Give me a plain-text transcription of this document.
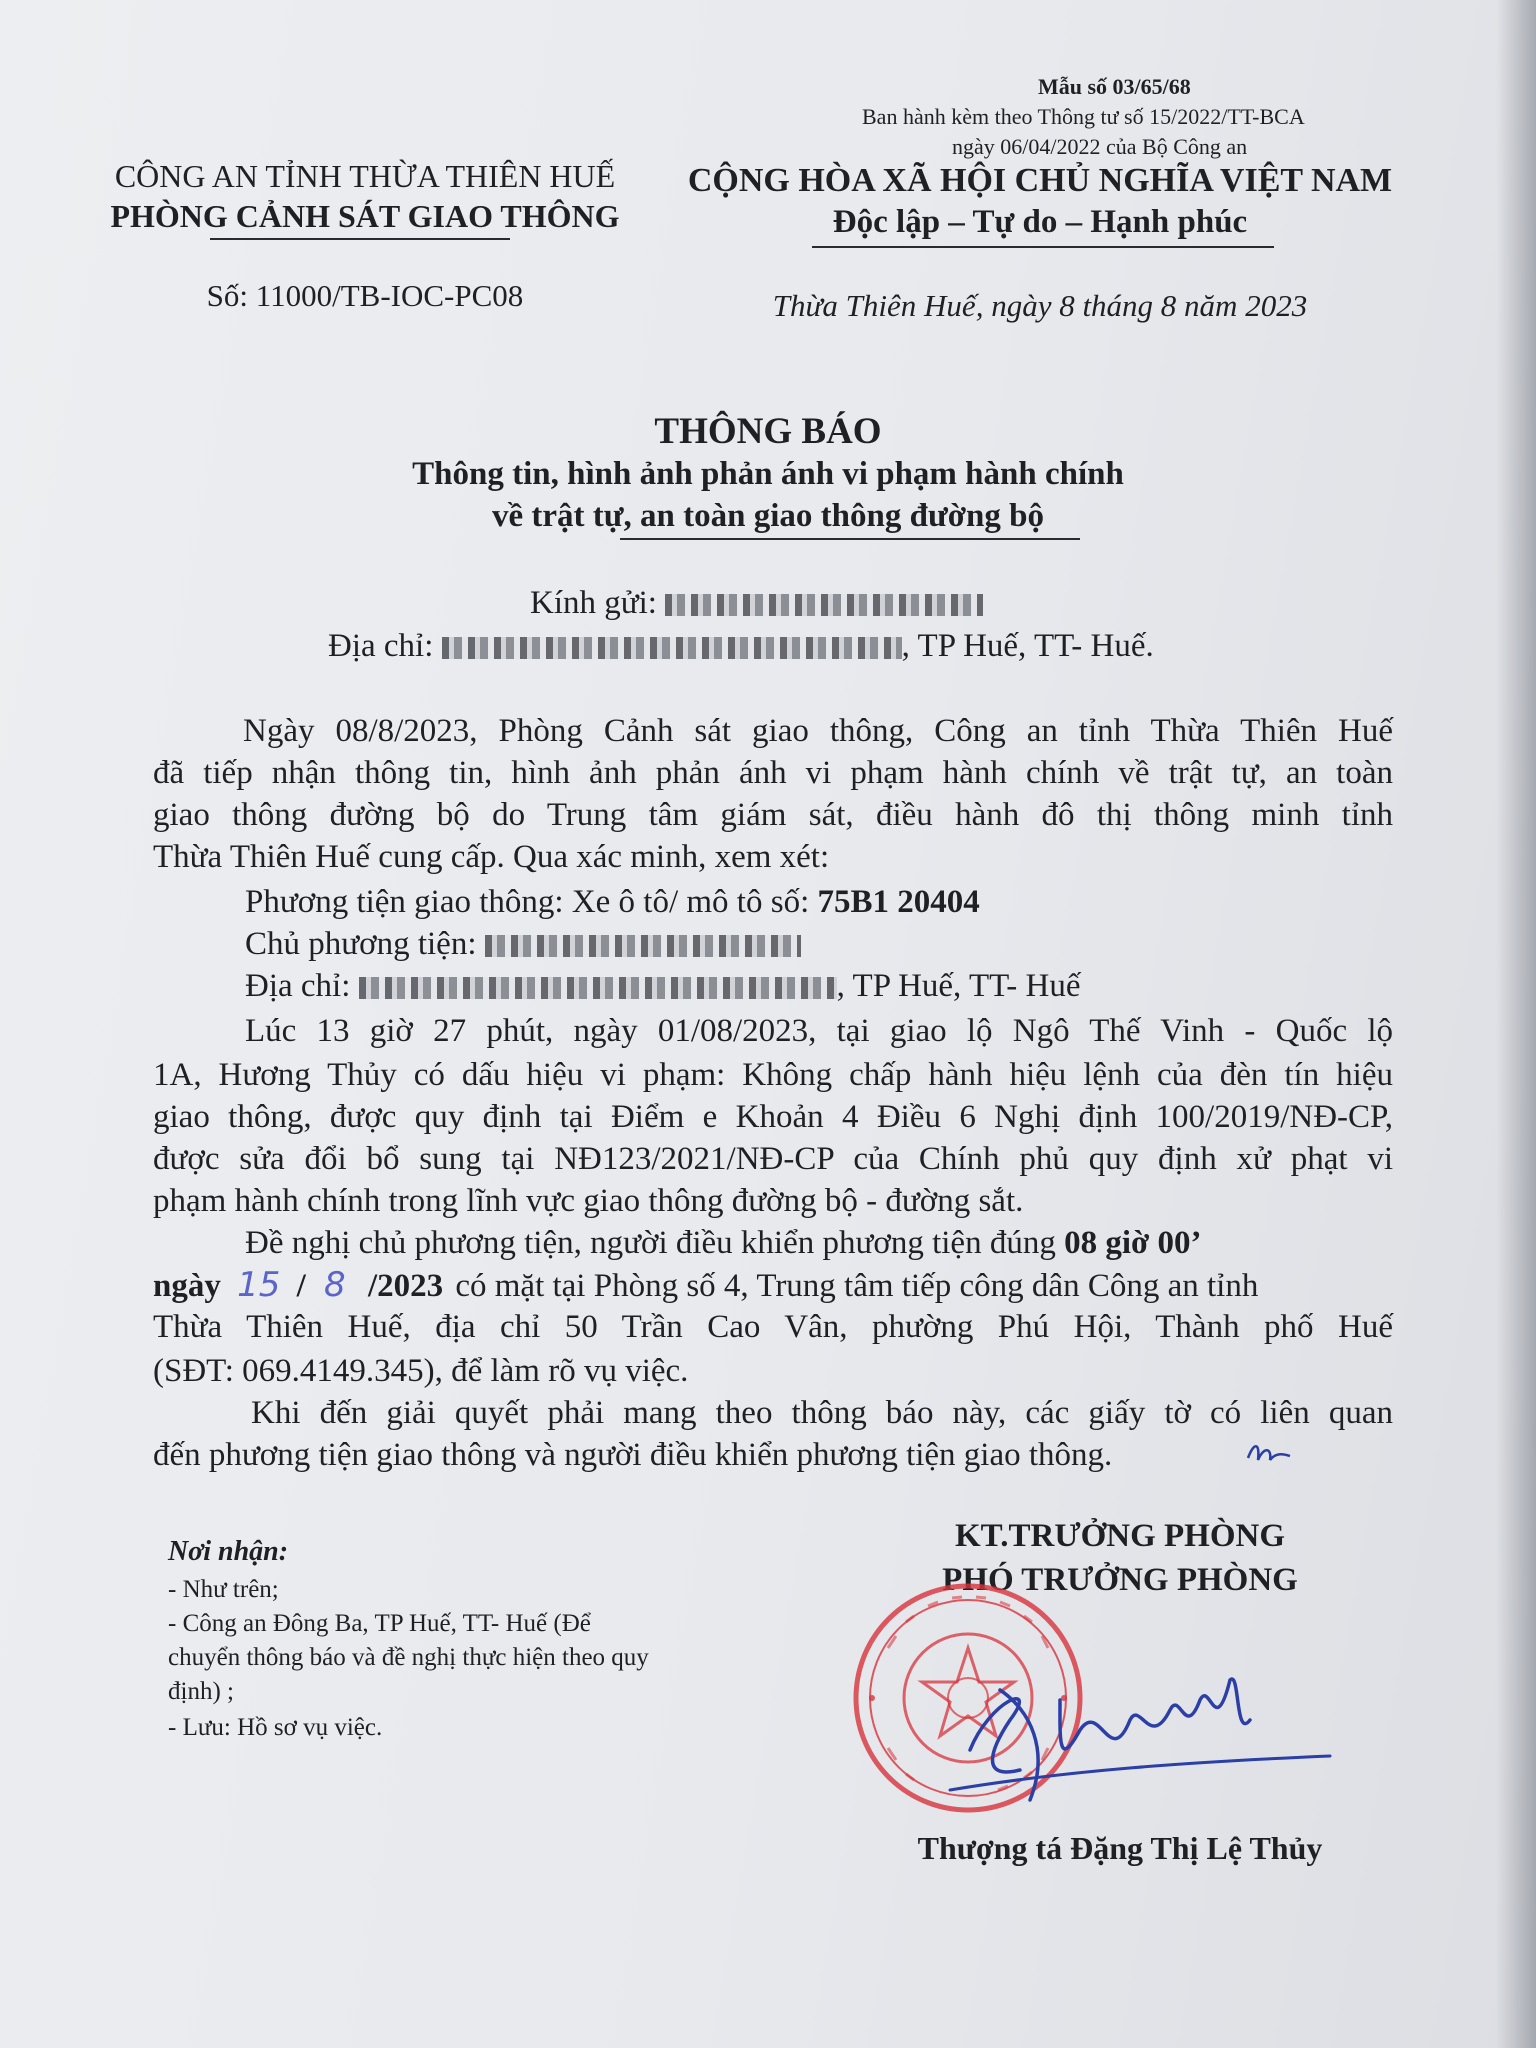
Mẫu số 03/65/68
Ban hành kèm theo Thông tư số 15/2022/TT-BCA
ngày 06/04/2022 của Bộ Công an
CÔNG AN TỈNH THỪA THIÊN HUẾ
PHÒNG CẢNH SÁT GIAO THÔNG
Số: 11000/TB-IOC-PC08
CỘNG HÒA XÃ HỘI CHỦ NGHĨA VIỆT NAM
Độc lập – Tự do – Hạnh phúc
Thừa Thiên Huế, ngày 8 tháng 8 năm 2023
THÔNG BÁO
Thông tin, hình ảnh phản ánh vi phạm hành chính
về trật tự, an toàn giao thông đường bộ
Kính gửi:
Địa chỉ:	, TP Huế, TT- Huế.
Ngày 08/8/2023, Phòng Cảnh sát giao thông, Công an tỉnh Thừa Thiên Huế
đã tiếp nhận thông tin, hình ảnh phản ánh vi phạm hành chính về trật tự, an toàn
giao thông đường bộ do Trung tâm giám sát, điều hành đô thị thông minh tỉnh
Thừa Thiên Huế cung cấp. Qua xác minh, xem xét:
Phương tiện giao thông: Xe ô tô/ mô tô số: 75B1 20404
Chủ phương tiện:
Địa chỉ:	, TP Huế, TT- Huế
Lúc 13 giờ 27 phút, ngày 01/08/2023, tại giao lộ Ngô Thế Vinh - Quốc lộ
1A, Hương Thủy có dấu hiệu vi phạm: Không chấp hành hiệu lệnh của đèn tín hiệu
giao thông, được quy định tại Điểm e Khoản 4 Điều 6 Nghị định 100/2019/NĐ-CP,
được sửa đổi bổ sung tại NĐ123/2021/NĐ-CP của Chính phủ quy định xử phạt vi
phạm hành chính trong lĩnh vực giao thông đường bộ - đường sắt.
Đề nghị chủ phương tiện, người điều khiển phương tiện đúng 08 giờ 00’
ngày 15 / 8 /2023 có mặt tại Phòng số 4, Trung tâm tiếp công dân Công an tỉnh
Thừa Thiên Huế, địa chỉ 50 Trần Cao Vân, phường Phú Hội, Thành phố Huế
(SĐT: 069.4149.345), để làm rõ vụ việc.
Khi đến giải quyết phải mang theo thông báo này, các giấy tờ có liên quan
đến phương tiện giao thông và người điều khiển phương tiện giao thông.
Nơi nhận:
- Như trên;
- Công an Đông Ba, TP Huế, TT- Huế (Để
chuyển thông báo và đề nghị thực hiện theo quy
định) ;
- Lưu: Hồ sơ vụ việc.
KT.TRƯỞNG PHÒNG
PHÓ TRƯỞNG PHÒNG
Thượng tá Đặng Thị Lệ Thủy
